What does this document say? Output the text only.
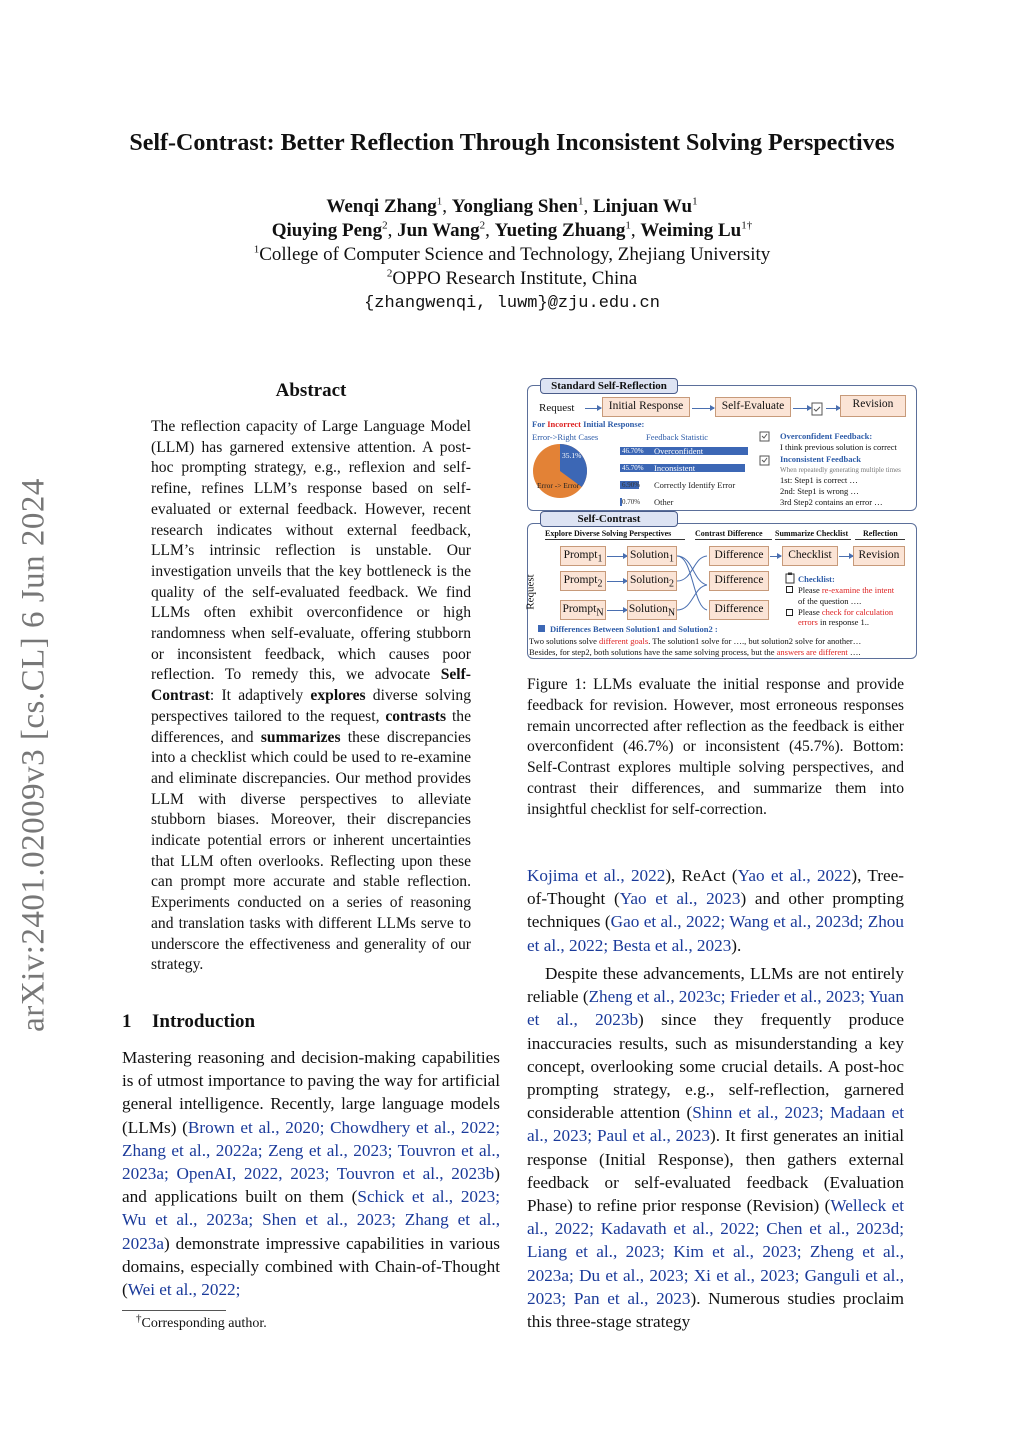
arXiv:2401.02009v3 [cs.CL] 6 Jun 2024
Self-Contrast: Better Reflection Through Inconsistent Solving Perspectives
Wenqi Zhang$^1$, Yongliang Shen$^1$, Linjuan Wu$^1$
Qiuying Peng$^2$, Jun Wang$^2$, Yueting Zhuang$^1$, Weiming $Lu^{1\dagger}$
$^1$College of Computer Science and Technology, Zhejiang University
$^2$OPPO Research Institute, China
{zhangwenqi, luwm}@zju.edu.cn
Abstract
The reflection capacity of Large Language Model (LLM) has garnered extensive attention. A post-hoc prompting strategy, e.g., reflexion and self-refine, refines LLM’s response based on self-evaluated or external feedback. However, recent research indicates without external feedback, LLM’s intrinsic reflection is unstable. Our investigation unveils that the key bottleneck is the quality of the self-evaluated feedback. We find LLMs often exhibit overconfidence or high randomness when self-evaluate, offering stubborn or inconsistent feedback, which causes poor reflection. To remedy this, we advocate Self-Contrast: It adaptively explores diverse solving perspectives tailored to the request, contrasts the differences, and summarizes these discrepancies into a checklist which could be used to re-examine and eliminate discrepancies. Our method provides LLM with diverse perspectives to alleviate stubborn biases. Moreover, their discrepancies indicate potential errors or inherent uncertainties that LLM often overlooks. Reflecting upon these can prompt more accurate and stable reflection. Experiments conducted on a series of reasoning and translation tasks with different LLMs serve to underscore the effectiveness and generality of our strategy.
1 Introduction
Mastering reasoning and decision-making capabilities is of utmost importance to paving the way for artificial general intelligence. Recently, large language models (LLMs) (Brown et al., 2020; Chowdhery et al., 2022; Zhang et al., 2022a; Zeng et al., 2023; Touvron et al., 2023a; OpenAI, 2022, 2023; Touvron et al., 2023b) and applications built on them (Schick et al., 2023; Wu et al., 2023a; Shen et al., 2023; Zhang et al., 2023a) demonstrate impressive capabilities in various domains, especially combined with Chain-of-Thought (Wei et al., 2022;
†Corresponding author.
Standard Self-Reflection
Request	Initial Response	Self-Evaluate	Revision
For Incorrect Initial Response:
Error->Right Cases
35.1%
Error -> Error
Feedback Statistic
46.70% Overconfident
45.70% Inconsistent
6.90% Correctly Identify Error
0.70% Other
Overconfident Feedback:
I think previous solution is correct
Inconsistent Feedback
When repeatedly generating multiple times
1st: Step1 is correct …
2nd: Step1 is wrong …
3rd Step2 contains an error …
Self-Contrast
Explore Diverse Solving Perspectives	Contrast Difference Summarize Checklist Reflection
Request
Prompt$_1$
Prompt$_2$
Prompt$_N$
Solution$_1$
Solution$_2$
Solution$_N$
Difference
Difference
Difference
Checklist	Revision
Checklist:
Please re-examine the intent
of the question ….
Please check for calculation errors in response 1..
Differences Between Solution1 and Solution2 :
Two solutions solve different goals. The solution1 solve for …., but solution2 solve for another…
Besides, for step2, both solutions have the same solving process, but the answers are different ….
Figure 1: LLMs evaluate the initial response and provide feedback for revision. However, most erroneous responses remain uncorrected after reflection as the feedback is either overconfident (46.7%) or inconsistent (45.7%). Bottom: Self-Contrast explores multiple solving perspectives, and contrast their differences, and summarize them into insightful checklist for self-correction.
Kojima et al., 2022), ReAct (Yao et al., 2022), Tree-of-Thought (Yao et al., 2023) and other prompting techniques (Gao et al., 2022; Wang et al., 2023d; Zhou et al., 2022; Besta et al., 2023).
Despite these advancements, LLMs are not entirely reliable (Zheng et al., 2023c; Frieder et al., 2023; Yuan et al., 2023b) since they frequently produce inaccuracies results, such as misunderstanding a key concept, overlooking some crucial details. A post-hoc prompting strategy, e.g., self-reflection, garnered considerable attention (Shinn et al., 2023; Madaan et al., 2023; Paul et al., 2023). It first generates an initial response (Initial Response), then gathers external feedback or self-evaluated feedback (Evaluation Phase) to refine prior response (Revision) (Welleck et al., 2022; Kadavath et al., 2022; Chen et al., 2023d; Liang et al., 2023; Kim et al., 2023; Zheng et al., 2023a; Du et al., 2023; Xi et al., 2023; Ganguli et al., 2023; Pan et al., 2023). Numerous studies proclaim this three-stage strategy
